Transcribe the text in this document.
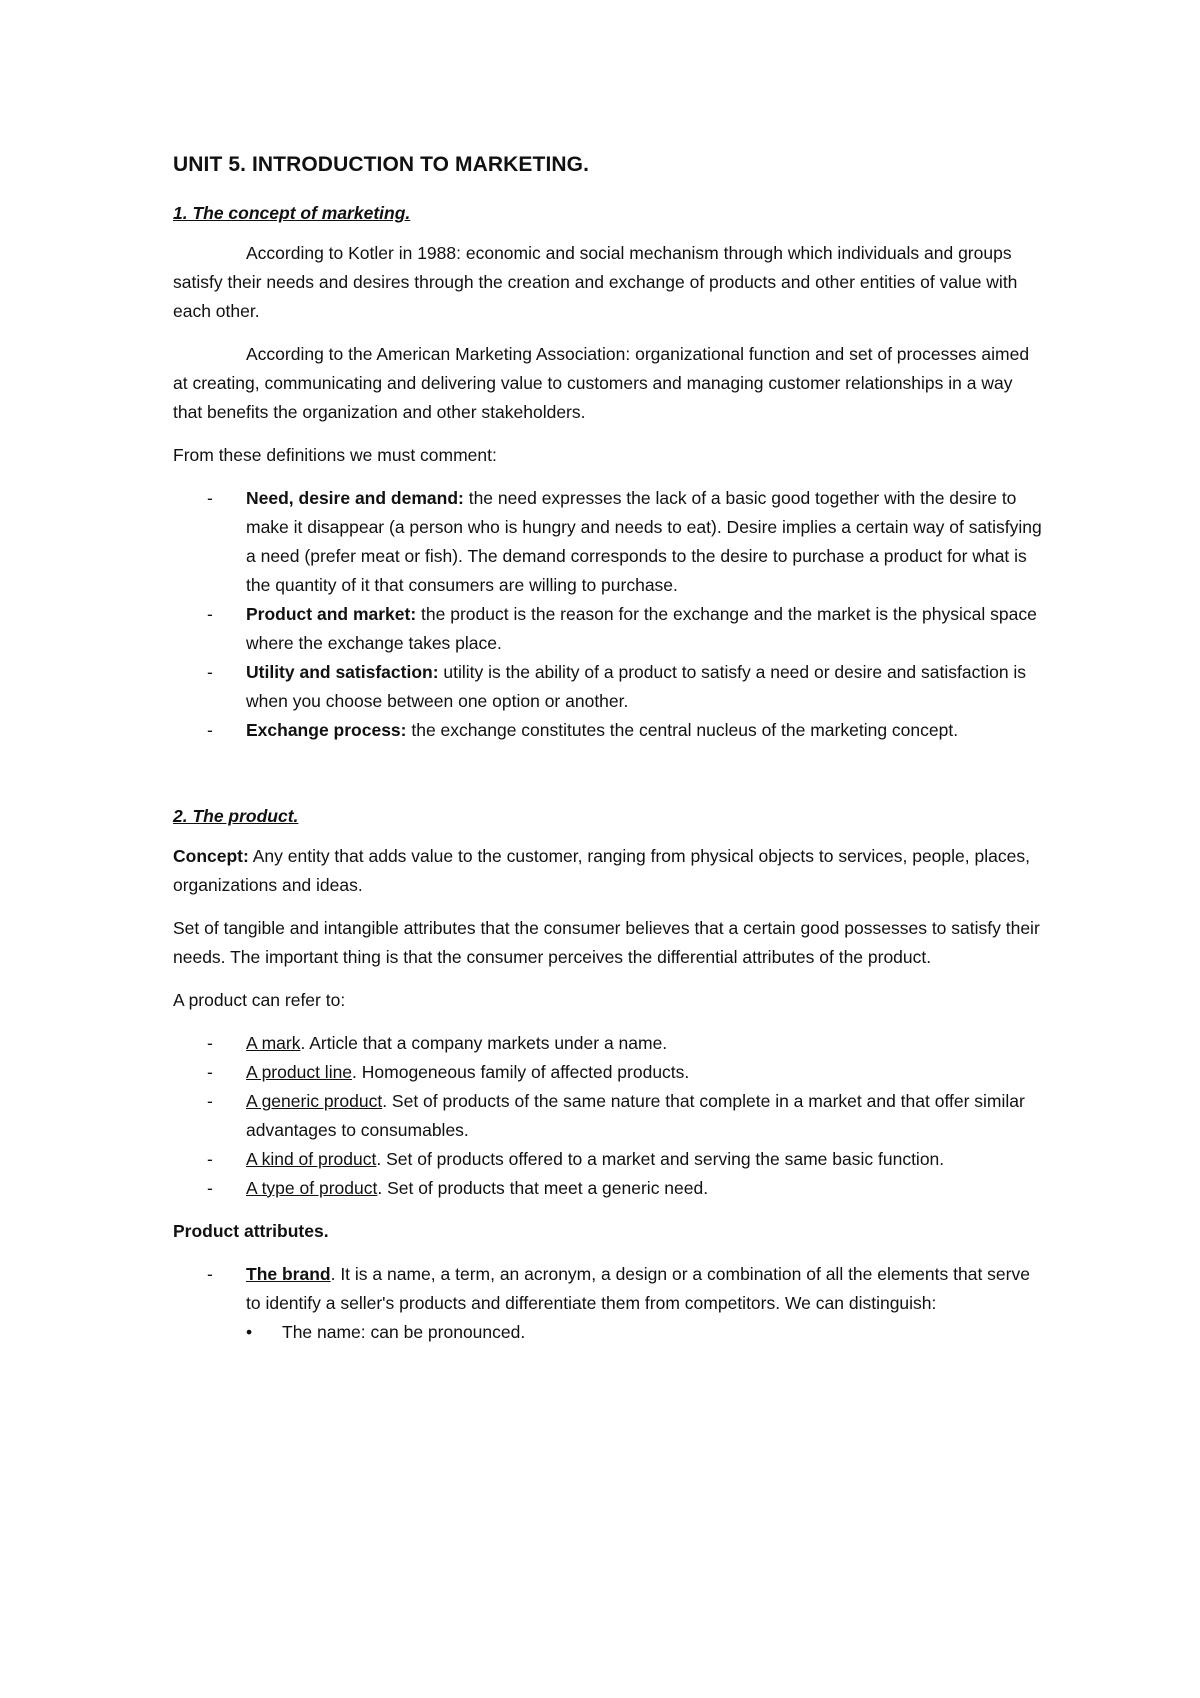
UNIT 5. INTRODUCTION TO MARKETING.
1. The concept of marketing.

According to Kotler in 1988: economic and social mechanism through which individuals and groups satisfy their needs and desires through the creation and exchange of products and other entities of value with each other.

According to the American Marketing Association: organizational function and set of processes aimed at creating, communicating and delivering value to customers and managing customer relationships in a way that benefits the organization and other stakeholders.

From these definitions we must comment:

- Need, desire and demand: the need expresses the lack of a basic good together with the desire to make it disappear (a person who is hungry and needs to eat). Desire implies a certain way of satisfying a need (prefer meat or fish). The demand corresponds to the desire to purchase a product for what is the quantity of it that consumers are willing to purchase.
- Product and market: the product is the reason for the exchange and the market is the physical space where the exchange takes place.
- Utility and satisfaction: utility is the ability of a product to satisfy a need or desire and satisfaction is when you choose between one option or another.
- Exchange process: the exchange constitutes the central nucleus of the marketing concept.
2. The product.

Concept: Any entity that adds value to the customer, ranging from physical objects to services, people, places, organizations and ideas.

Set of tangible and intangible attributes that the consumer believes that a certain good possesses to satisfy their needs. The important thing is that the consumer perceives the differential attributes of the product.

A product can refer to:

- A mark. Article that a company markets under a name.
- A product line. Homogeneous family of affected products.
- A generic product. Set of products of the same nature that complete in a market and that offer similar advantages to consumables.
- A kind of product. Set of products offered to a market and serving the same basic function.
- A type of product. Set of products that meet a generic need.

Product attributes.

- The brand. It is a name, a term, an acronym, a design or a combination of all the elements that serve to identify a seller's products and differentiate them from competitors. We can distinguish:
• The name: can be pronounced.
